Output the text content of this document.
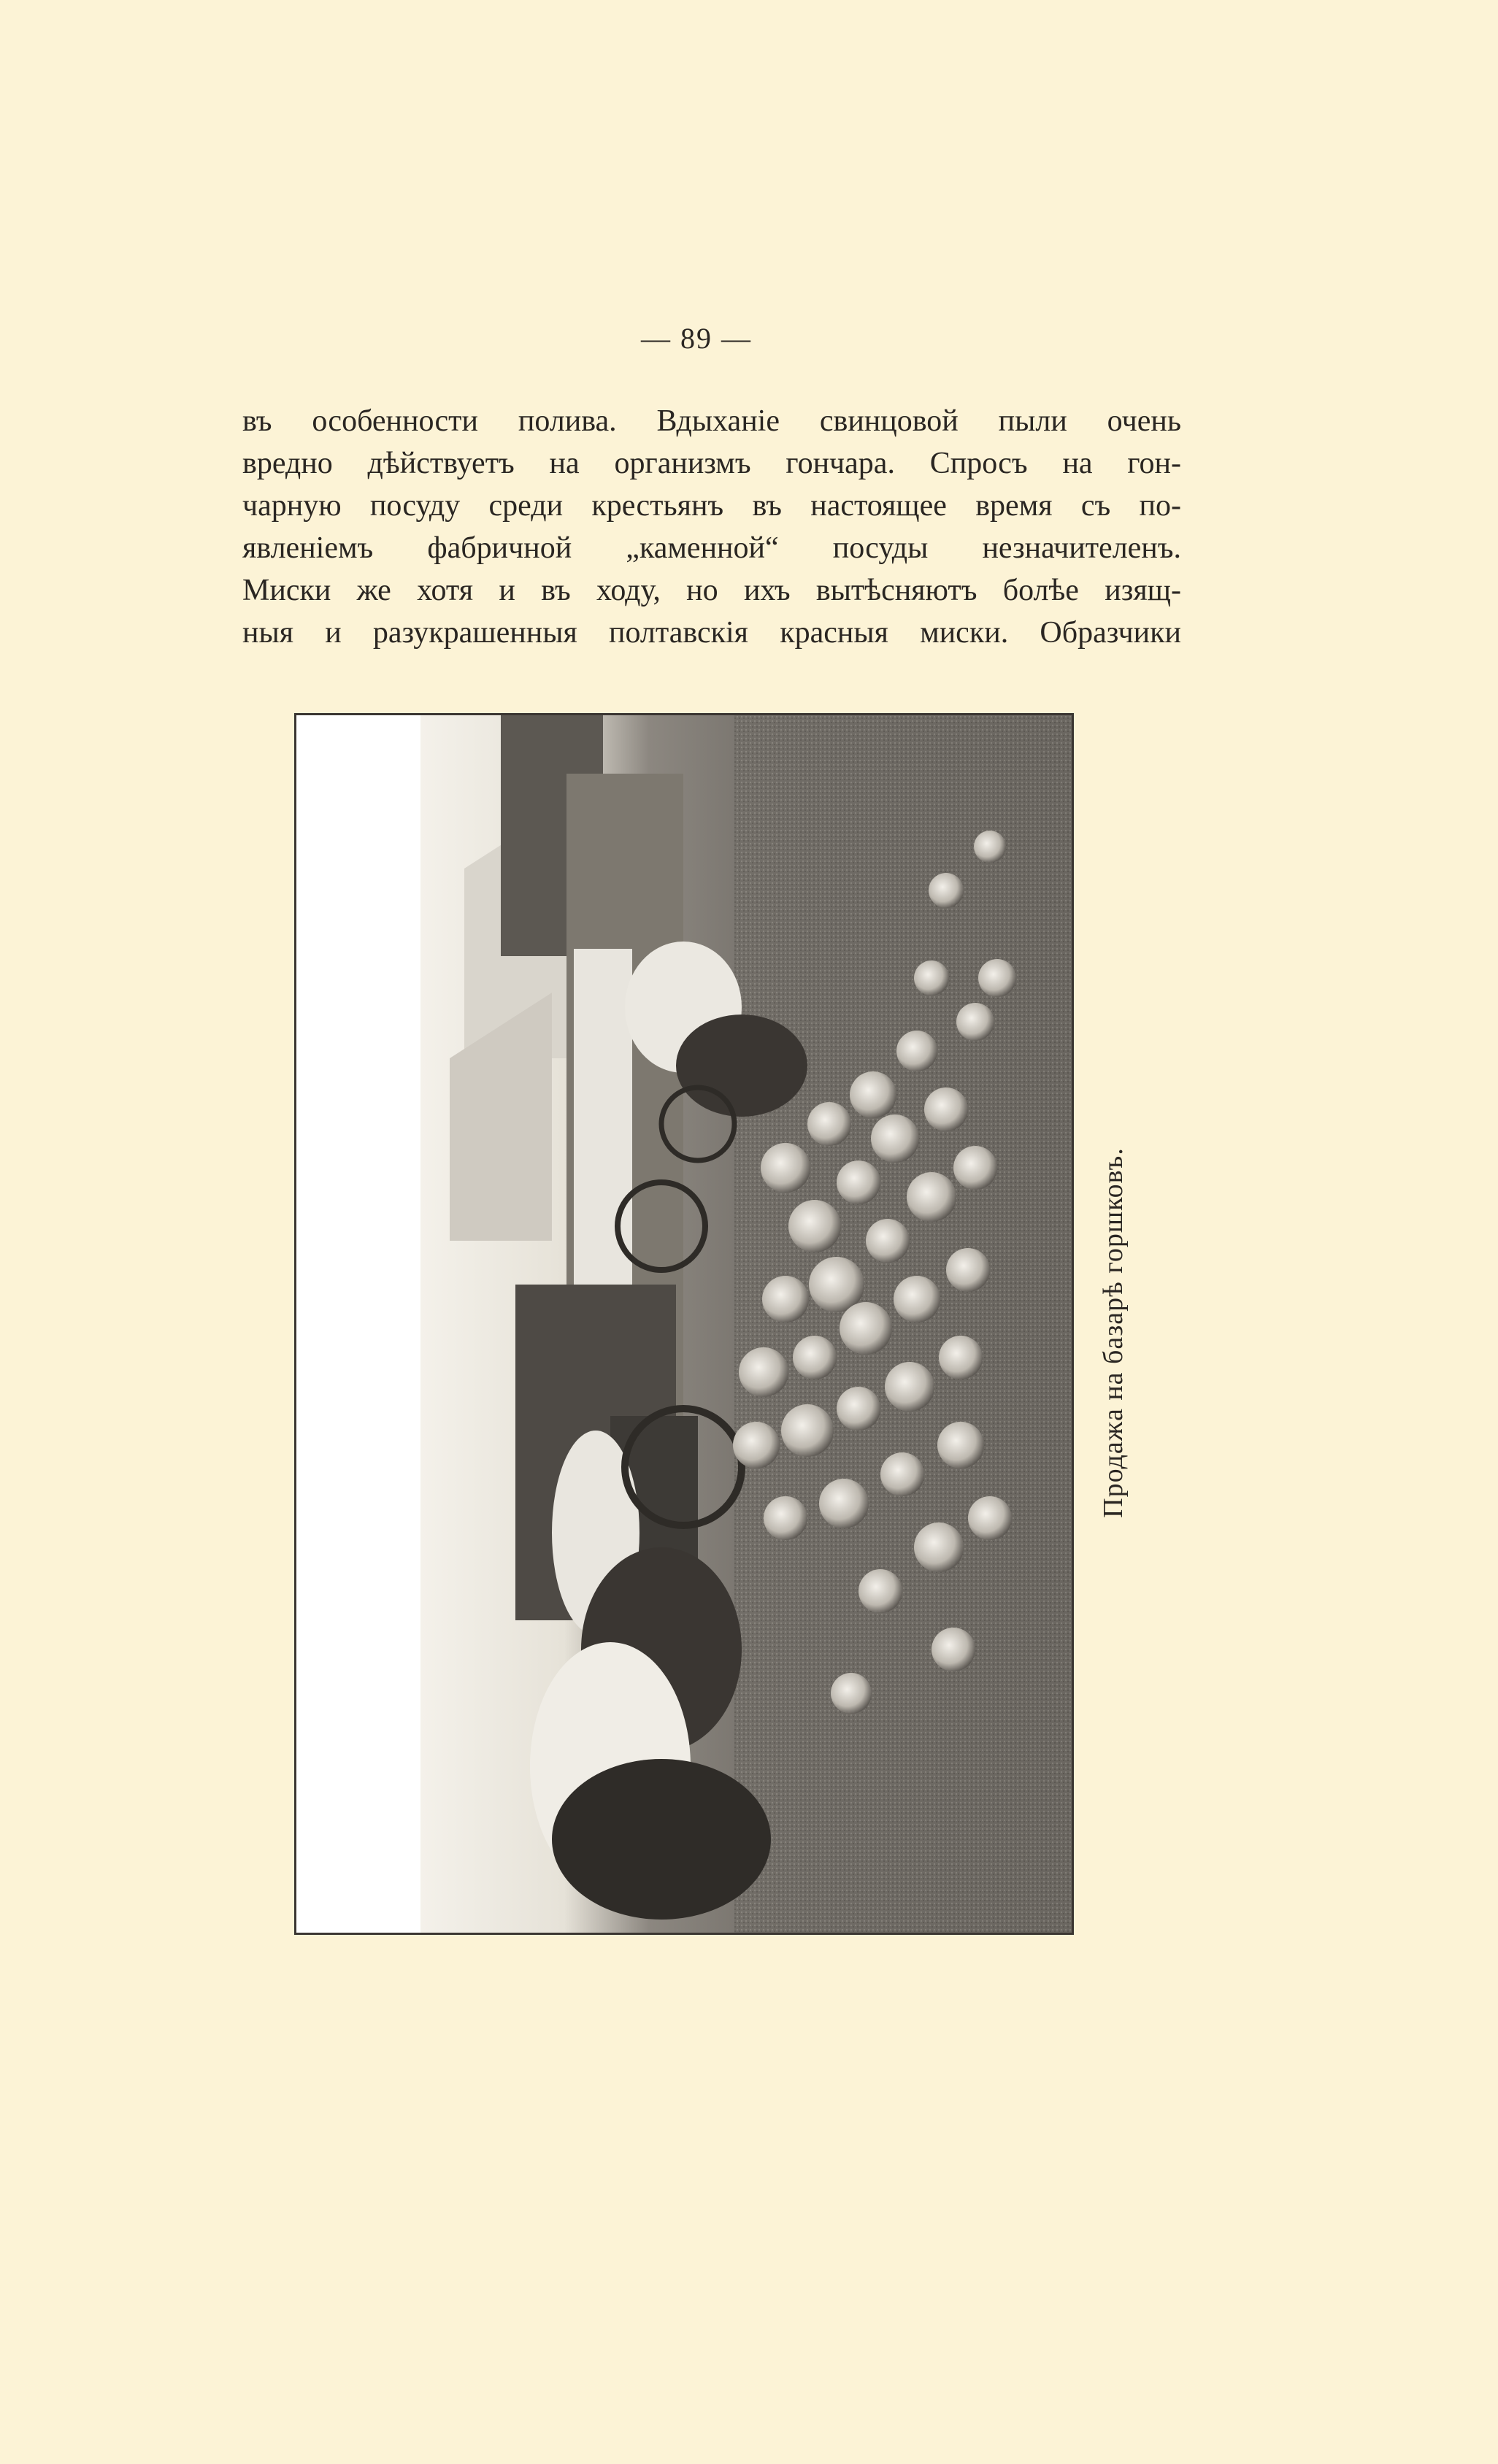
— 89 —
въ особенности полива. Вдыханіе свинцовой пыли очень
вредно дѣйствуетъ на организмъ гончара. Спросъ на гон-
чарную посуду среди крестьянъ въ настоящее время съ по-
явленіемъ фабричной „каменной“ посуды незначителенъ.
Миски же хотя и въ ходу, но ихъ вытѣсняютъ болѣе изящ-
ныя и разукрашенныя полтавскія красныя миски. Образчики
Продажа на базарѣ горшковъ.
